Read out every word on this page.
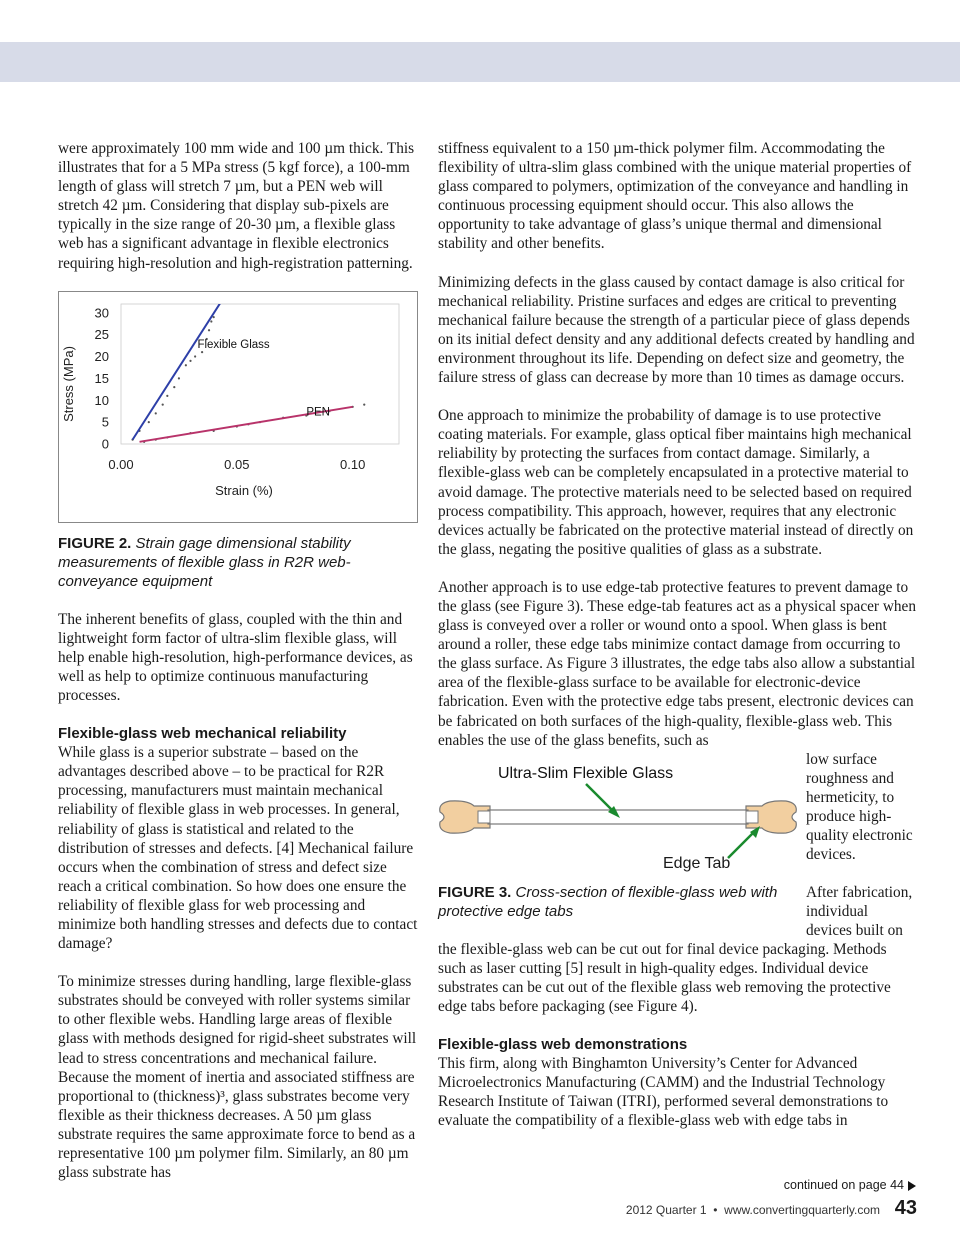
were approximately 100 mm wide and 100 µm thick. This illustrates that for a 5 MPa stress (5 kgf force), a 100-mm length of glass will stretch 7 µm, but a PEN web will stretch 42 µm. Considering that display sub-pixels are typically in the size range of 20-30 µm, a flexible glass web has a significant advantage in flexible electronics requiring high-resolution and high-registration patterning.

0
5
10
15
20
25
30
0.00	0.05	0.10
Strain (%)
Stress (MPa)
Flexible Glass
PEN

FIGURE 2. Strain gage dimensional stability measurements of flexible glass in R2R web-conveyance equipment

The inherent benefits of glass, coupled with the thin and lightweight form factor of ultra-slim flexible glass, will help enable high-resolution, high-performance devices, as well as help to optimize continuous manufacturing processes.

Flexible-glass web mechanical reliability

While glass is a superior substrate – based on the advantages described above – to be practical for R2R processing, manufacturers must maintain mechanical reliability of flexible glass in web processes. In general, reliability of glass is statistical and related to the distribution of stresses and defects. [4] Mechanical failure occurs when the combination of stress and defect size reach a critical combination. So how does one ensure the reliability of flexible glass for web processing and minimize both handling stresses and defects due to contact damage?

To minimize stresses during handling, large flexible-glass substrates should be conveyed with roller systems similar to other flexible webs. Handling large areas of flexible glass with methods designed for rigid-sheet substrates will lead to stress concentrations and mechanical failure. Because the moment of inertia and associated stiffness are proportional to (thickness)³, glass substrates become very flexible as their thickness decreases. A 50 µm glass substrate requires the same approximate force to bend as a representative 100 µm polymer film. Similarly, an 80 µm glass substrate has

stiffness equivalent to a 150 µm-thick polymer film. Accommodating the flexibility of ultra-slim glass combined with the unique material properties of glass compared to polymers, optimization of the conveyance and handling in continuous processing equipment should occur. This also allows the opportunity to take advantage of glass’s unique thermal and dimensional stability and other benefits.

Minimizing defects in the glass caused by contact damage is also critical for mechanical reliability. Pristine surfaces and edges are critical to preventing mechanical failure because the strength of a particular piece of glass depends on its initial defect density and any additional defects created by handling and environment throughout its life. Depending on defect size and geometry, the failure stress of glass can decrease by more than 10 times as damage occurs.

One approach to minimize the probability of damage is to use protective coating materials. For example, glass optical fiber maintains high mechanical reliability by protecting the surfaces from contact damage. Similarly, a flexible-glass web can be completely encapsulated in a protective material to avoid damage. The protective materials need to be selected based on required process compatibility. This approach, however, requires that any electronic devices actually be fabricated on the protective material instead of directly on the glass, negating the positive qualities of glass as a substrate.

Another approach is to use edge-tab protective features to prevent damage to the glass (see Figure 3). These edge-tab features act as a physical spacer when glass is conveyed over a roller or wound onto a spool. When glass is bent around a roller, these edge tabs minimize contact damage from occurring to the glass surface. As Figure 3 illustrates, the edge tabs also allow a substantial area of the flexible-glass surface to be available for electronic-device fabrication. Even with the protective edge tabs present, electronic devices can be fabricated on both surfaces of the high-quality, flexible-glass web. This enables the use of the glass benefits, such as

Ultra-Slim Flexible Glass
Edge Tab

FIGURE 3. Cross-section of flexible-glass web with protective edge tabs

low surface roughness and hermeticity, to produce high-quality electronic devices.

After fabrication, individual devices built on

the flexible-glass web can be cut out for final device packaging. Methods such as laser cutting [5] result in high-quality edges. Individual device substrates can be cut out of the flexible glass web removing the protective edge tabs before packaging (see Figure 4).

Flexible-glass web demonstrations

This firm, along with Binghamton University’s Center for Advanced Microelectronics Manufacturing (CAMM) and the Industrial Technology Research Institute of Taiwan (ITRI), performed several demonstrations to evaluate the compatibility of a flexible-glass web with edge tabs in

continued on page 44
2012 Quarter 1 • www.convertingquarterly.com 43
